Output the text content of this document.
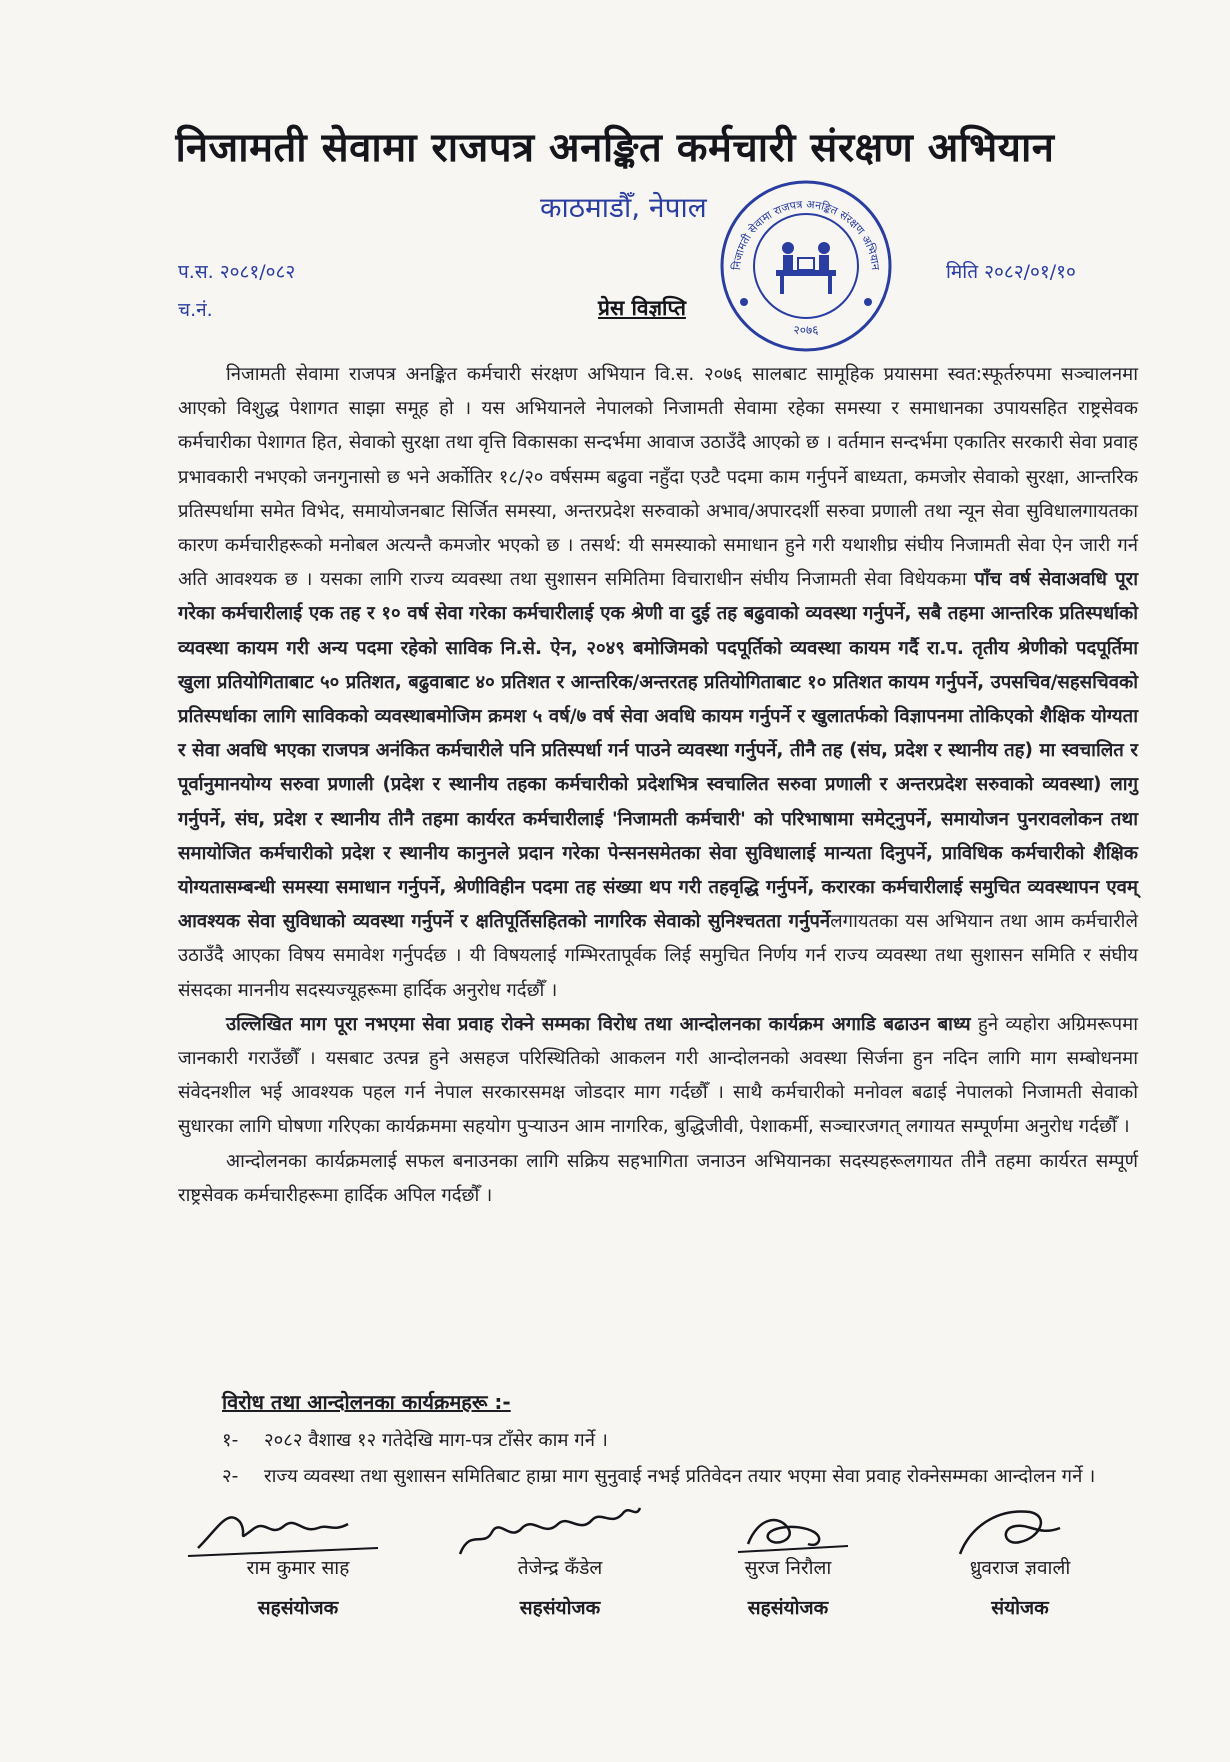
निजामती सेवामा राजपत्र अनङ्कित कर्मचारी संरक्षण अभियान
काठमाडौँ, नेपाल
प.स. २०८१/०८२
च.नं.
मिति २०८२/०१/१०
प्रेस विज्ञप्ति
निजामती सेवामा राजपत्र अनङ्कित संरक्षण अभियान
२०७६

निजामती सेवामा राजपत्र अनङ्कित कर्मचारी संरक्षण अभियान वि.स. २०७६ सालबाट सामूहिक प्रयासमा स्वत:स्फूर्तरुपमा सञ्चालनमा आएको विशुद्ध पेशागत साझा समूह हो । यस अभियानले नेपालको निजामती सेवामा रहेका समस्या र समाधानका उपायसहित राष्ट्रसेवक कर्मचारीका पेशागत हित, सेवाको सुरक्षा तथा वृत्ति विकासका सन्दर्भमा आवाज उठाउँदै आएको छ । वर्तमान सन्दर्भमा एकातिर सरकारी सेवा प्रवाह प्रभावकारी नभएको जनगुनासो छ भने अर्कोतिर १८/२० वर्षसम्म बढुवा नहुँदा एउटै पदमा काम गर्नुपर्ने बाध्यता, कमजोर सेवाको सुरक्षा, आन्तरिक प्रतिस्पर्धामा समेत विभेद, समायोजनबाट सिर्जित समस्या, अन्तरप्रदेश सरुवाको अभाव/अपारदर्शी सरुवा प्रणाली तथा न्यून सेवा सुविधालगायतका कारण कर्मचारीहरूको मनोबल अत्यन्तै कमजोर भएको छ । तसर्थ: यी समस्याको समाधान हुने गरी यथाशीघ्र संघीय निजामती सेवा ऐन जारी गर्न अति आवश्यक छ । यसका लागि राज्य व्यवस्था तथा सुशासन समितिमा विचाराधीन संघीय निजामती सेवा विधेयकमा पाँच वर्ष सेवाअवधि पूरा गरेका कर्मचारीलाई एक तह र १० वर्ष सेवा गरेका कर्मचारीलाई एक श्रेणी वा दुई तह बढुवाको व्यवस्था गर्नुपर्ने, सबै तहमा आन्तरिक प्रतिस्पर्धाको व्यवस्था कायम गरी अन्य पदमा रहेको साविक नि.से. ऐन, २०४९ बमोजिमको पदपूर्तिको व्यवस्था कायम गर्दै रा.प. तृतीय श्रेणीको पदपूर्तिमा खुला प्रतियोगिताबाट ५० प्रतिशत, बढुवाबाट ४० प्रतिशत र आन्तरिक/अन्तरतह प्रतियोगिताबाट १० प्रतिशत कायम गर्नुपर्ने, उपसचिव/सहसचिवको प्रतिस्पर्धाका लागि साविकको व्यवस्थाबमोजिम क्रमश ५ वर्ष/७ वर्ष सेवा अवधि कायम गर्नुपर्ने र खुलातर्फको विज्ञापनमा तोकिएको शैक्षिक योग्यता र सेवा अवधि भएका राजपत्र अनंकित कर्मचारीले पनि प्रतिस्पर्धा गर्न पाउने व्यवस्था गर्नुपर्ने, तीनै तह (संघ, प्रदेश र स्थानीय तह) मा स्वचालित र पूर्वानुमानयोग्य सरुवा प्रणाली (प्रदेश र स्थानीय तहका कर्मचारीको प्रदेशभित्र स्वचालित सरुवा प्रणाली र अन्तरप्रदेश सरुवाको व्यवस्था) लागु गर्नुपर्ने, संघ, प्रदेश र स्थानीय तीनै तहमा कार्यरत कर्मचारीलाई 'निजामती कर्मचारी' को परिभाषामा समेट्नुपर्ने, समायोजन पुनरावलोकन तथा समायोजित कर्मचारीको प्रदेश र स्थानीय कानुनले प्रदान गरेका पेन्सनसमेतका सेवा सुविधालाई मान्यता दिनुपर्ने, प्राविधिक कर्मचारीको शैक्षिक योग्यतासम्बन्धी समस्या समाधान गर्नुपर्ने, श्रेणीविहीन पदमा तह संख्या थप गरी तहवृद्धि गर्नुपर्ने, करारका कर्मचारीलाई समुचित व्यवस्थापन एवम् आवश्यक सेवा सुविधाको व्यवस्था गर्नुपर्ने र क्षतिपूर्तिसहितको नागरिक सेवाको सुनिश्चतता गर्नुपर्नेलगायतका यस अभियान तथा आम कर्मचारीले उठाउँदै आएका विषय समावेश गर्नुपर्दछ । यी विषयलाई गम्भिरतापूर्वक लिई समुचित निर्णय गर्न राज्य व्यवस्था तथा सुशासन समिति र संघीय संसदका माननीय सदस्यज्यूहरूमा हार्दिक अनुरोध गर्दछौँ ।

उल्लिखित माग पूरा नभएमा सेवा प्रवाह रोक्ने सम्मका विरोध तथा आन्दोलनका कार्यक्रम अगाडि बढाउन बाध्य हुने व्यहोरा अग्रिमरूपमा जानकारी गराउँछौँ । यसबाट उत्पन्न हुने असहज परिस्थितिको आकलन गरी आन्दोलनको अवस्था सिर्जना हुन नदिन लागि माग सम्बोधनमा संवेदनशील भई आवश्यक पहल गर्न नेपाल सरकारसमक्ष जोडदार माग गर्दछौँ । साथै कर्मचारीको मनोवल बढाई नेपालको निजामती सेवाको सुधारका लागि घोषणा गरिएका कार्यक्रममा सहयोग पुर्‍याउन आम नागरिक, बुद्धिजीवी, पेशाकर्मी, सञ्चारजगत् लगायत सम्पूर्णमा अनुरोध गर्दछौँ ।

आन्दोलनका कार्यक्रमलाई सफल बनाउनका लागि सक्रिय सहभागिता जनाउन अभियानका सदस्यहरूलगायत तीनै तहमा कार्यरत सम्पूर्ण राष्ट्रसेवक कर्मचारीहरूमा हार्दिक अपिल गर्दछौँ ।

विरोध तथा आन्दोलनका कार्यक्रमहरू :-
१- २०८२ वैशाख १२ गतेदेखि माग-पत्र टाँसेर काम गर्ने ।
२- राज्य व्यवस्था तथा सुशासन समितिबाट हाम्रा माग सुनुवाई नभई प्रतिवेदन तयार भएमा सेवा प्रवाह रोक्नेसम्मका आन्दोलन गर्ने ।
राम कुमार साह
सहसंयोजक
तेजेन्द्र कँडेल
सहसंयोजक
सुरज निरौला
सहसंयोजक
ध्रुवराज ज्ञवाली
संयोजक
